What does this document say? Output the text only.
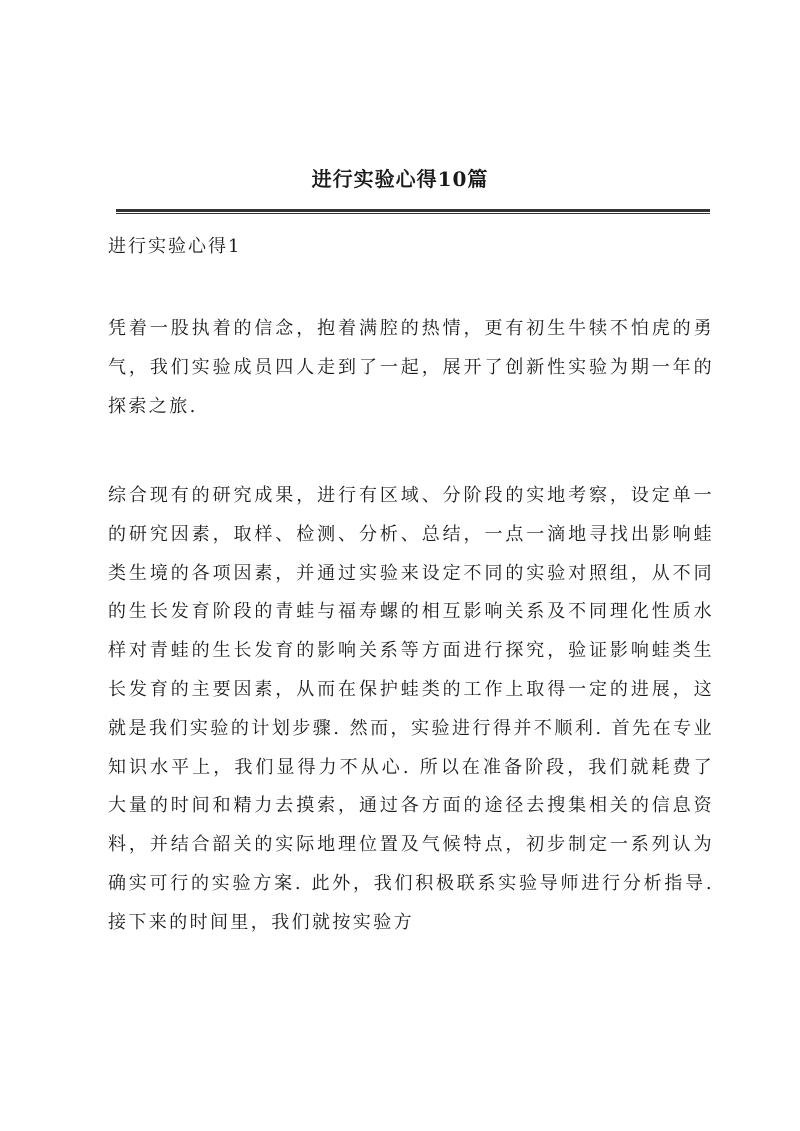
进行实验心得10篇
进行实验心得1

凭着一股执着的信念，抱着满腔的热情，更有初生牛犊不怕虎的勇气，我们实验成员四人走到了一起，展开了创新性实验为期一年的探索之旅.

综合现有的研究成果，进行有区域、分阶段的实地考察，设定单一的研究因素，取样、检测、分析、总结，一点一滴地寻找出影响蛙类生境的各项因素，并通过实验来设定不同的实验对照组，从不同的生长发育阶段的青蛙与福寿螺的相互影响关系及不同理化性质水样对青蛙的生长发育的影响关系等方面进行探究，验证影响蛙类生长发育的主要因素，从而在保护蛙类的工作上取得一定的进展，这就是我们实验的计划步骤. 然而，实验进行得并不顺利. 首先在专业知识水平上，我们显得力不从心. 所以在准备阶段，我们就耗费了大量的时间和精力去摸索，通过各方面的途径去搜集相关的信息资料，并结合韶关的实际地理位置及气候特点，初步制定一系列认为确实可行的实验方案. 此外，我们积极联系实验导师进行分析指导. 接下来的时间里，我们就按实验方
